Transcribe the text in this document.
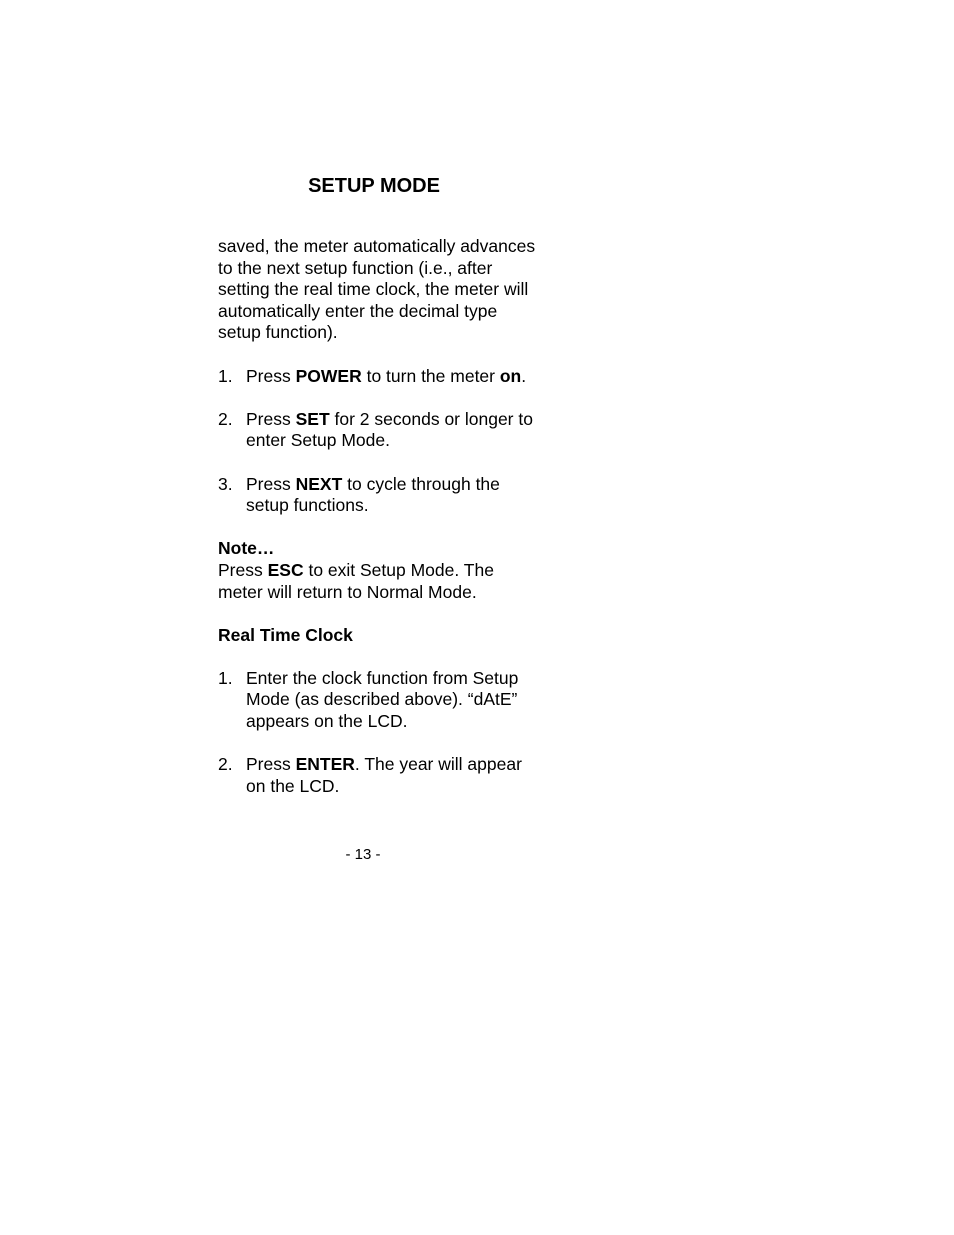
SETUP MODE

saved, the meter automatically advances to the next setup function (i.e., after setting the real time clock, the meter will automatically enter the decimal type setup function).

1. Press POWER to turn the meter on.
2. Press SET for 2 seconds or longer to enter Setup Mode.
3. Press NEXT to cycle through the setup functions.

Note…

Press ESC to exit Setup Mode. The meter will return to Normal Mode.

Real Time Clock

1. Enter the clock function from Setup Mode (as described above). “dAtE” appears on the LCD.
2. Press ENTER. The year will appear on the LCD.
- 13 -
